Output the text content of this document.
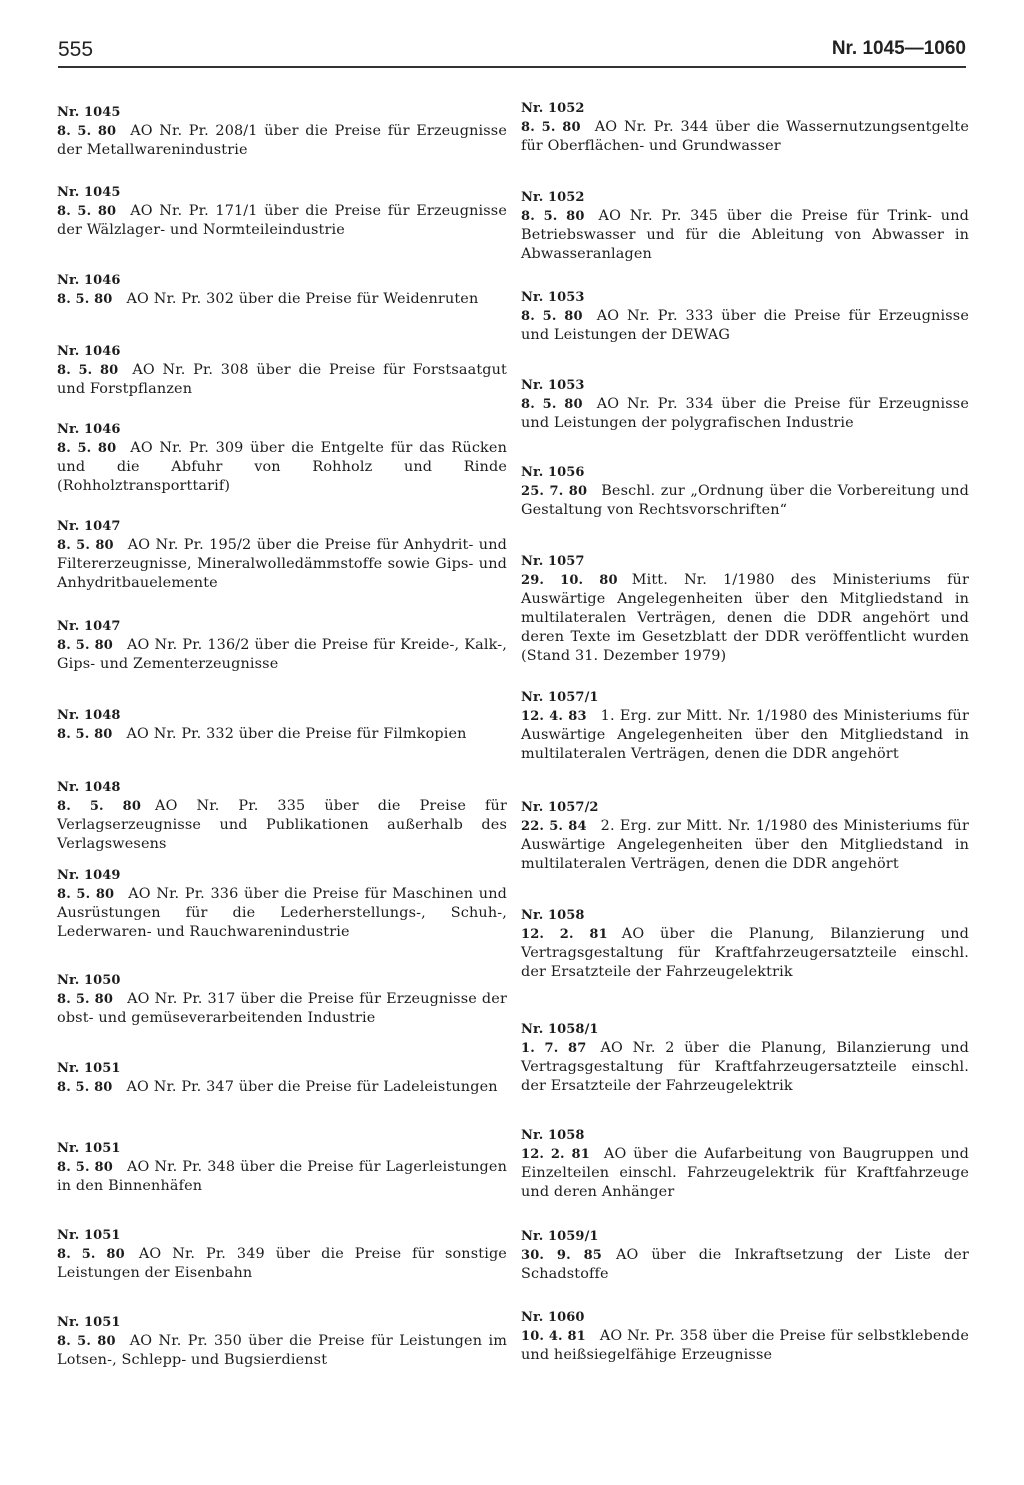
555	Nr. 1045—1060
Nr. 1045
8. 5. 80 AO Nr. Pr. 208/1 über die Preise für Erzeugnisse der Metallwarenindustrie
Nr. 1045
8. 5. 80 AO Nr. Pr. 171/1 über die Preise für Erzeugnisse der Wälzlager- und Normteileindustrie
Nr. 1046
8. 5. 80 AO Nr. Pr. 302 über die Preise für Weidenruten
Nr. 1046
8. 5. 80 AO Nr. Pr. 308 über die Preise für Forstsaatgut und Forstpflanzen
Nr. 1046
8. 5. 80 AO Nr. Pr. 309 über die Entgelte für das Rücken und die Abfuhr von Rohholz und Rinde (Rohholztransporttarif)
Nr. 1047
8. 5. 80 AO Nr. Pr. 195/2 über die Preise für Anhydrit- und Filtererzeugnisse, Mineralwolledämmstoffe sowie Gips- und Anhydritbauelemente
Nr. 1047
8. 5. 80 AO Nr. Pr. 136/2 über die Preise für Kreide-, Kalk-, Gips- und Zementerzeugnisse
Nr. 1048
8. 5. 80 AO Nr. Pr. 332 über die Preise für Filmkopien
Nr. 1048
8. 5. 80 AO Nr. Pr. 335 über die Preise für Verlagserzeugnisse und Publikationen außerhalb des Verlagswesens
Nr. 1049
8. 5. 80 AO Nr. Pr. 336 über die Preise für Maschinen und Ausrüstungen für die Lederherstellungs-, Schuh-, Lederwaren- und Rauchwarenindustrie
Nr. 1050
8. 5. 80 AO Nr. Pr. 317 über die Preise für Erzeugnisse der obst- und gemüseverarbeitenden Industrie
Nr. 1051
8. 5. 80 AO Nr. Pr. 347 über die Preise für Ladeleistungen
Nr. 1051
8. 5. 80 AO Nr. Pr. 348 über die Preise für Lagerleistungen in den Binnenhäfen
Nr. 1051
8. 5. 80 AO Nr. Pr. 349 über die Preise für sonstige Leistungen der Eisenbahn
Nr. 1051
8. 5. 80 AO Nr. Pr. 350 über die Preise für Leistungen im Lotsen-, Schlepp- und Bugsierdienst
Nr. 1052
8. 5. 80 AO Nr. Pr. 344 über die Wassernutzungsentgelte für Oberflächen- und Grundwasser
Nr. 1052
8. 5. 80 AO Nr. Pr. 345 über die Preise für Trink- und Betriebswasser und für die Ableitung von Abwasser in Abwasseranlagen
Nr. 1053
8. 5. 80 AO Nr. Pr. 333 über die Preise für Erzeugnisse und Leistungen der DEWAG
Nr. 1053
8. 5. 80 AO Nr. Pr. 334 über die Preise für Erzeugnisse und Leistungen der polygrafischen Industrie
Nr. 1056
25. 7. 80 Beschl. zur „Ordnung über die Vorbereitung und Gestaltung von Rechtsvorschriften“
Nr. 1057
29. 10. 80 Mitt. Nr. 1/1980 des Ministeriums für Auswärtige Angelegenheiten über den Mitgliedstand in multilateralen Verträgen, denen die DDR angehört und deren Texte im Gesetzblatt der DDR veröffentlicht wurden (Stand 31. Dezember 1979)
Nr. 1057/1
12. 4. 83 1. Erg. zur Mitt. Nr. 1/1980 des Ministeriums für Auswärtige Angelegenheiten über den Mitgliedstand in multilateralen Verträgen, denen die DDR angehört
Nr. 1057/2
22. 5. 84 2. Erg. zur Mitt. Nr. 1/1980 des Ministeriums für Auswärtige Angelegenheiten über den Mitgliedstand in multilateralen Verträgen, denen die DDR angehört
Nr. 1058
12. 2. 81 AO über die Planung, Bilanzierung und Vertragsgestaltung für Kraftfahrzeugersatzteile einschl. der Ersatzteile der Fahrzeugelektrik
Nr. 1058/1
1. 7. 87 AO Nr. 2 über die Planung, Bilanzierung und Vertragsgestaltung für Kraftfahrzeugersatzteile einschl. der Ersatzteile der Fahrzeugelektrik
Nr. 1058
12. 2. 81 AO über die Aufarbeitung von Baugruppen und Einzelteilen einschl. Fahrzeugelektrik für Kraftfahrzeuge und deren Anhänger
Nr. 1059/1
30. 9. 85 AO über die Inkraftsetzung der Liste der Schadstoffe
Nr. 1060
10. 4. 81 AO Nr. Pr. 358 über die Preise für selbstklebende und heißsiegelfähige Erzeugnisse
